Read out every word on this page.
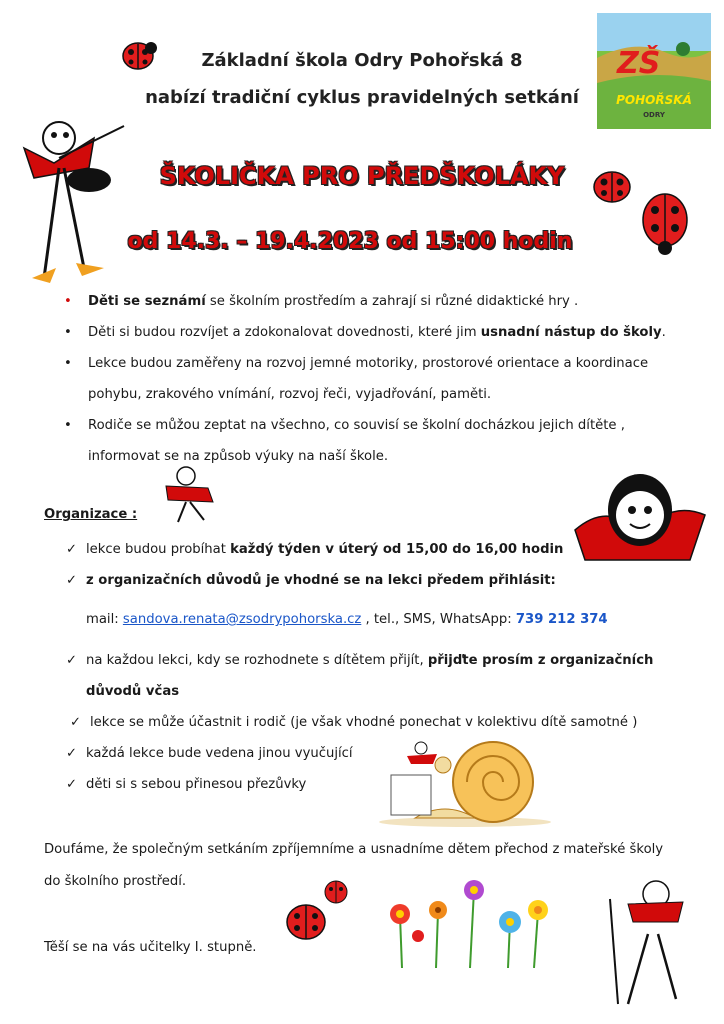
Základní škola Odry Pohořská 8
nabízí tradiční cyklus pravidelných setkání
ZŠ
POHOŘSKÁ
ODRY
ŠKOLIČKA PRO PŘEDŠKOLÁKY
od 14.3. – 19.4.2023 od 15:00 hodin
• Děti se seznámí se školním prostředím a zahrají si různé didaktické hry .
• Děti si budou rozvíjet a zdokonalovat dovednosti, které jim usnadní nástup do školy.
• Lekce budou zaměřeny na rozvoj jemné motoriky, prostorové orientace a koordinace
pohybu, zrakového vnímání, rozvoj řeči, vyjadřování, paměti.
• Rodiče se můžou zeptat na všechno, co souvisí se školní docházkou jejich dítěte ,
informovat se na způsob výuky na naší škole.
Organizace :
✓ lekce budou probíhat každý týden v úterý od 15,00 do 16,00 hodin
✓ z organizačních důvodů je vhodné se na lekci předem přihlásit:
mail: sandova.renata@zsodrypohorska.cz , tel., SMS, WhatsApp: 739 212 374
✓ na každou lekci, kdy se rozhodnete s dítětem přijít, přijďte prosím z organizačních
důvodů včas
✓ lekce se může účastnit i rodič (je však vhodné ponechat v kolektivu dítě samotné )
✓ každá lekce bude vedena jinou vyučující
✓ děti si s sebou přinesou přezůvky
Doufáme, že společným setkáním zpříjemníme a usnadníme dětem přechod z mateřské školy
do školního prostředí.
Těší se na vás učitelky I. stupně.
